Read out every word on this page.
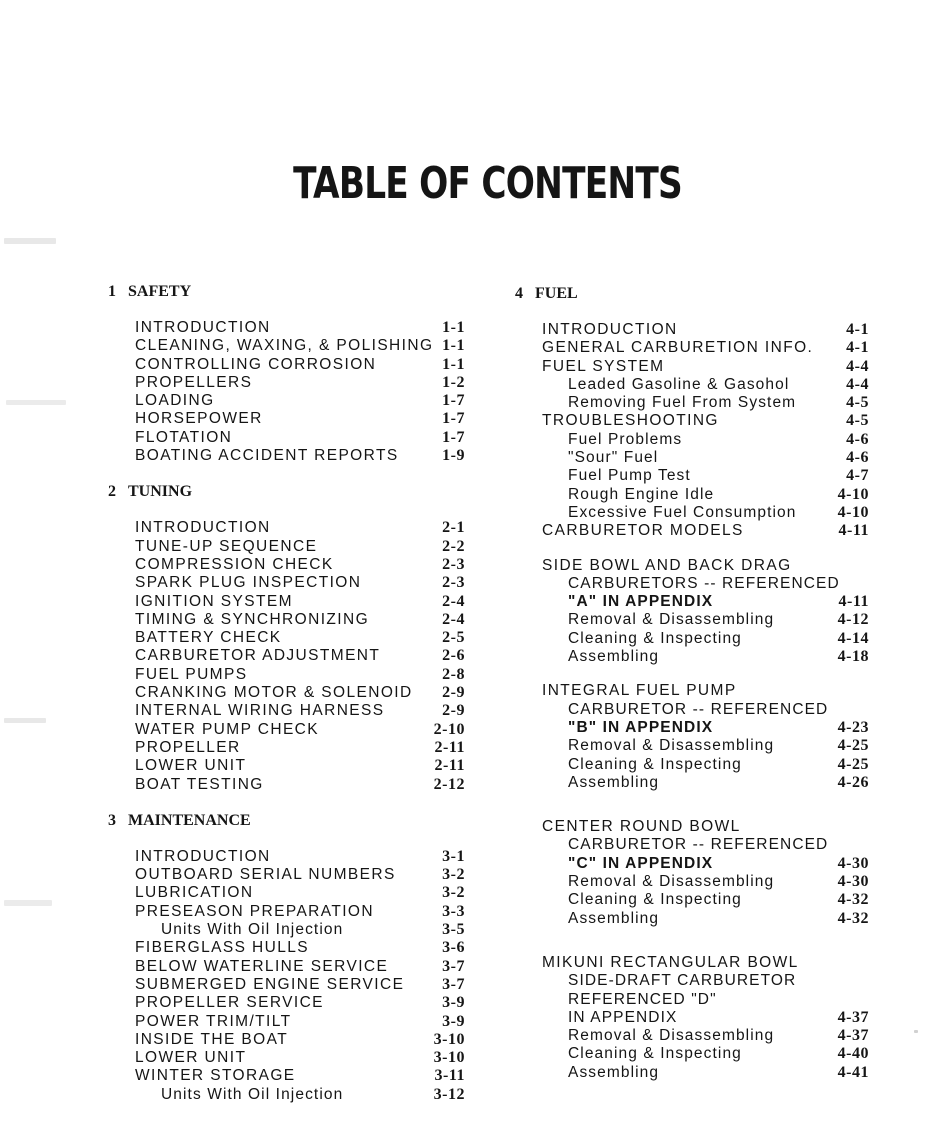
TABLE OF CONTENTS
1 SAFETY
INTRODUCTION	1-1
CLEANING, WAXING, & POLISHING 1-1
CONTROLLING CORROSION	1-1
PROPELLERS	1-2
LOADING	1-7
HORSEPOWER	1-7
FLOTATION	1-7
BOATING ACCIDENT REPORTS	1-9
2 TUNING
INTRODUCTION	2-1
TUNE-UP SEQUENCE	2-2
COMPRESSION CHECK	2-3
SPARK PLUG INSPECTION	2-3
IGNITION SYSTEM	2-4
TIMING & SYNCHRONIZING	2-4
BATTERY CHECK	2-5
CARBURETOR ADJUSTMENT	2-6
FUEL PUMPS	2-8
CRANKING MOTOR & SOLENOID 2-9
INTERNAL WIRING HARNESS	2-9
WATER PUMP CHECK	2-10
PROPELLER	2-11
LOWER UNIT	2-11
BOAT TESTING	2-12
3 MAINTENANCE
INTRODUCTION	3-1
OUTBOARD SERIAL NUMBERS	3-2
LUBRICATION	3-2
PRESEASON PREPARATION	3-3
Units With Oil Injection	3-5
FIBERGLASS HULLS	3-6
BELOW WATERLINE SERVICE	3-7
SUBMERGED ENGINE SERVICE 3-7
PROPELLER SERVICE	3-9
POWER TRIM/TILT	3-9
INSIDE THE BOAT	3-10
LOWER UNIT	3-10
WINTER STORAGE	3-11
Units With Oil Injection	3-12
4 FUEL
INTRODUCTION	4-1
GENERAL CARBURETION INFO. 4-1
FUEL SYSTEM	4-4
Leaded Gasoline & Gasohol	4-4
Removing Fuel From System	4-5
TROUBLESHOOTING	4-5
Fuel Problems	4-6
"Sour" Fuel	4-6
Fuel Pump Test	4-7
Rough Engine Idle	4-10
Excessive Fuel Consumption	4-10
CARBURETOR MODELS	4-11
SIDE BOWL AND BACK DRAG
CARBURETORS -- REFERENCED
"A" IN APPENDIX	4-11
Removal & Disassembling	4-12
Cleaning & Inspecting	4-14
Assembling	4-18
INTEGRAL FUEL PUMP
CARBURETOR -- REFERENCED
"B" IN APPENDIX	4-23
Removal & Disassembling	4-25
Cleaning & Inspecting	4-25
Assembling	4-26
CENTER ROUND BOWL
CARBURETOR -- REFERENCED
"C" IN APPENDIX	4-30
Removal & Disassembling	4-30
Cleaning & Inspecting	4-32
Assembling	4-32
MIKUNI RECTANGULAR BOWL
SIDE-DRAFT CARBURETOR
REFERENCED "D"
IN APPENDIX	4-37
Removal & Disassembling	4-37
Cleaning & Inspecting	4-40
Assembling	4-41
